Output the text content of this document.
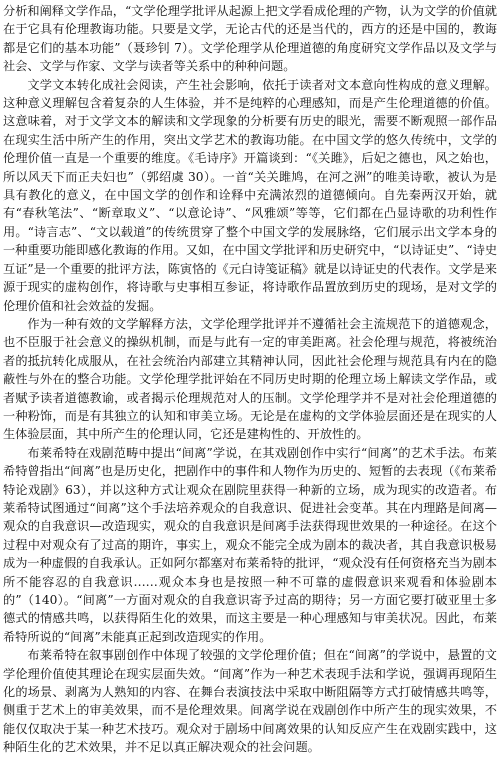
分析和阐释文学作品，“文学伦理学批评从起源上把文学看成伦理的产物，认为文学的价值就在于它具有伦理教诲功能。只要是文学，无论古代的还是当代的，西方的还是中国的，教诲都是它们的基本功能”（聂珍钊 7）。文学伦理学从伦理道德的角度研究文学作品以及文学与社会、文学与作家、文学与读者等关系中的种种问题。

文学文本转化成社会阅读，产生社会影响，依托于读者对文本意向性构成的意义理解。这种意义理解包含着复杂的人生体验，并不是纯粹的心理感知，而是产生伦理道德的价值。这意味着，对于文学文本的解读和文学现象的分析要有历史的眼光，需要不断观照一部作品在现实生活中所产生的作用，突出文学艺术的教诲功能。在中国文学的悠久传统中，文学的伦理价值一直是一个重要的维度。《毛诗序》开篇谈到：“《关雎》，后妃之德也，风之始也，所以风天下而正夫妇也”（郭绍虞 30）。一首“关关雎鸠，在河之洲”的唯美诗歌，被认为是具有教化的意义，在中国文学的创作和诠释中充满浓烈的道德倾向。自先秦两汉开始，就有“春秋笔法”、“断章取义”、“以意论诗”、“风雅颂”等等，它们都在凸显诗歌的功利性作用。“诗言志”、“文以载道”的传统贯穿了整个中国文学的发展脉络，它们展示出文学本身的一种重要功能即感化教诲的作用。又如，在中国文学批评和历史研究中，“以诗证史”、“诗史互证”是一个重要的批评方法，陈寅恪的《元白诗笺证稿》就是以诗证史的代表作。文学是来源于现实的虚构创作，将诗歌与史事相互参证，将诗歌作品置放到历史的现场，是对文学的伦理价值和社会效益的发掘。

作为一种有效的文学解释方法，文学伦理学批评并不遵循社会主流规范下的道德观念，也不臣服于社会意义的操纵机制，而是与此有一定的审美距离。社会伦理与规范，将被统治者的抵抗转化成服从，在社会统治内部建立其精神认同，因此社会伦理与规范具有内在的隐蔽性与外在的整合功能。文学伦理学批评始在不同历史时期的伦理立场上解读文学作品，或者赋予读者道德教谕，或者揭示伦理规范对人的压制。文学伦理学并不是对社会伦理道德的一种粉饰，而是有其独立的认知和审美立场。无论是在虚构的文学体验层面还是在现实的人生体验层面，其中所产生的伦理认同，它还是建构性的、开放性的。

布莱希特在戏剧范畴中提出“间离”学说，在其戏剧创作中实行“间离”的艺术手法。布莱希特曾指出“间离”也是历史化，把剧作中的事件和人物作为历史的、短暂的去表现（《布莱希特论戏剧》63），并以这种方式让观众在剧院里获得一种新的立场，成为现实的改造者。布莱希特试图通过“间离”这个手法培养观众的自我意识、促进社会变革。其在内理路是间离—观众的自我意识—改造现实，观众的自我意识是间离手法获得现世效果的一种途径。在这个过程中对观众有了过高的期许，事实上，观众不能完全成为剧本的裁决者，其自我意识极易成为一种虚假的自我承认。正如阿尔都塞对布莱希特的批评，“观众没有任何资格充当为剧本所不能容忍的自我意识……观众本身也是按照一种不可靠的虚假意识来观看和体验剧本的”（140）。“间离”一方面对观众的自我意识寄予过高的期待；另一方面它要打破亚里士多德式的情感共鸣，以获得陌生化的效果，而这主要是一种心理感知与审美状况。因此，布莱希特所说的“间离”未能真正起到改造现实的作用。

布莱希特在叙事剧创作中体现了较强的文学伦理价值；但在“间离”的学说中，悬置的文学伦理价值使其理论在现实层面失效。“间离”作为一种艺术表现手法和学说，强调再现陌生化的场景、剥离为人熟知的内容、在舞台表演技法中采取中断阻隔等方式打破情感共鸣等，侧重于艺术上的审美效果，而不是伦理效果。间离学说在戏剧创作中所产生的现实效果，不能仅仅取决于某一种艺术技巧。观众对于剧场中间离效果的认知反应产生在戏剧实践中，这种陌生化的艺术效果，并不足以真正解决观众的社会问题。
